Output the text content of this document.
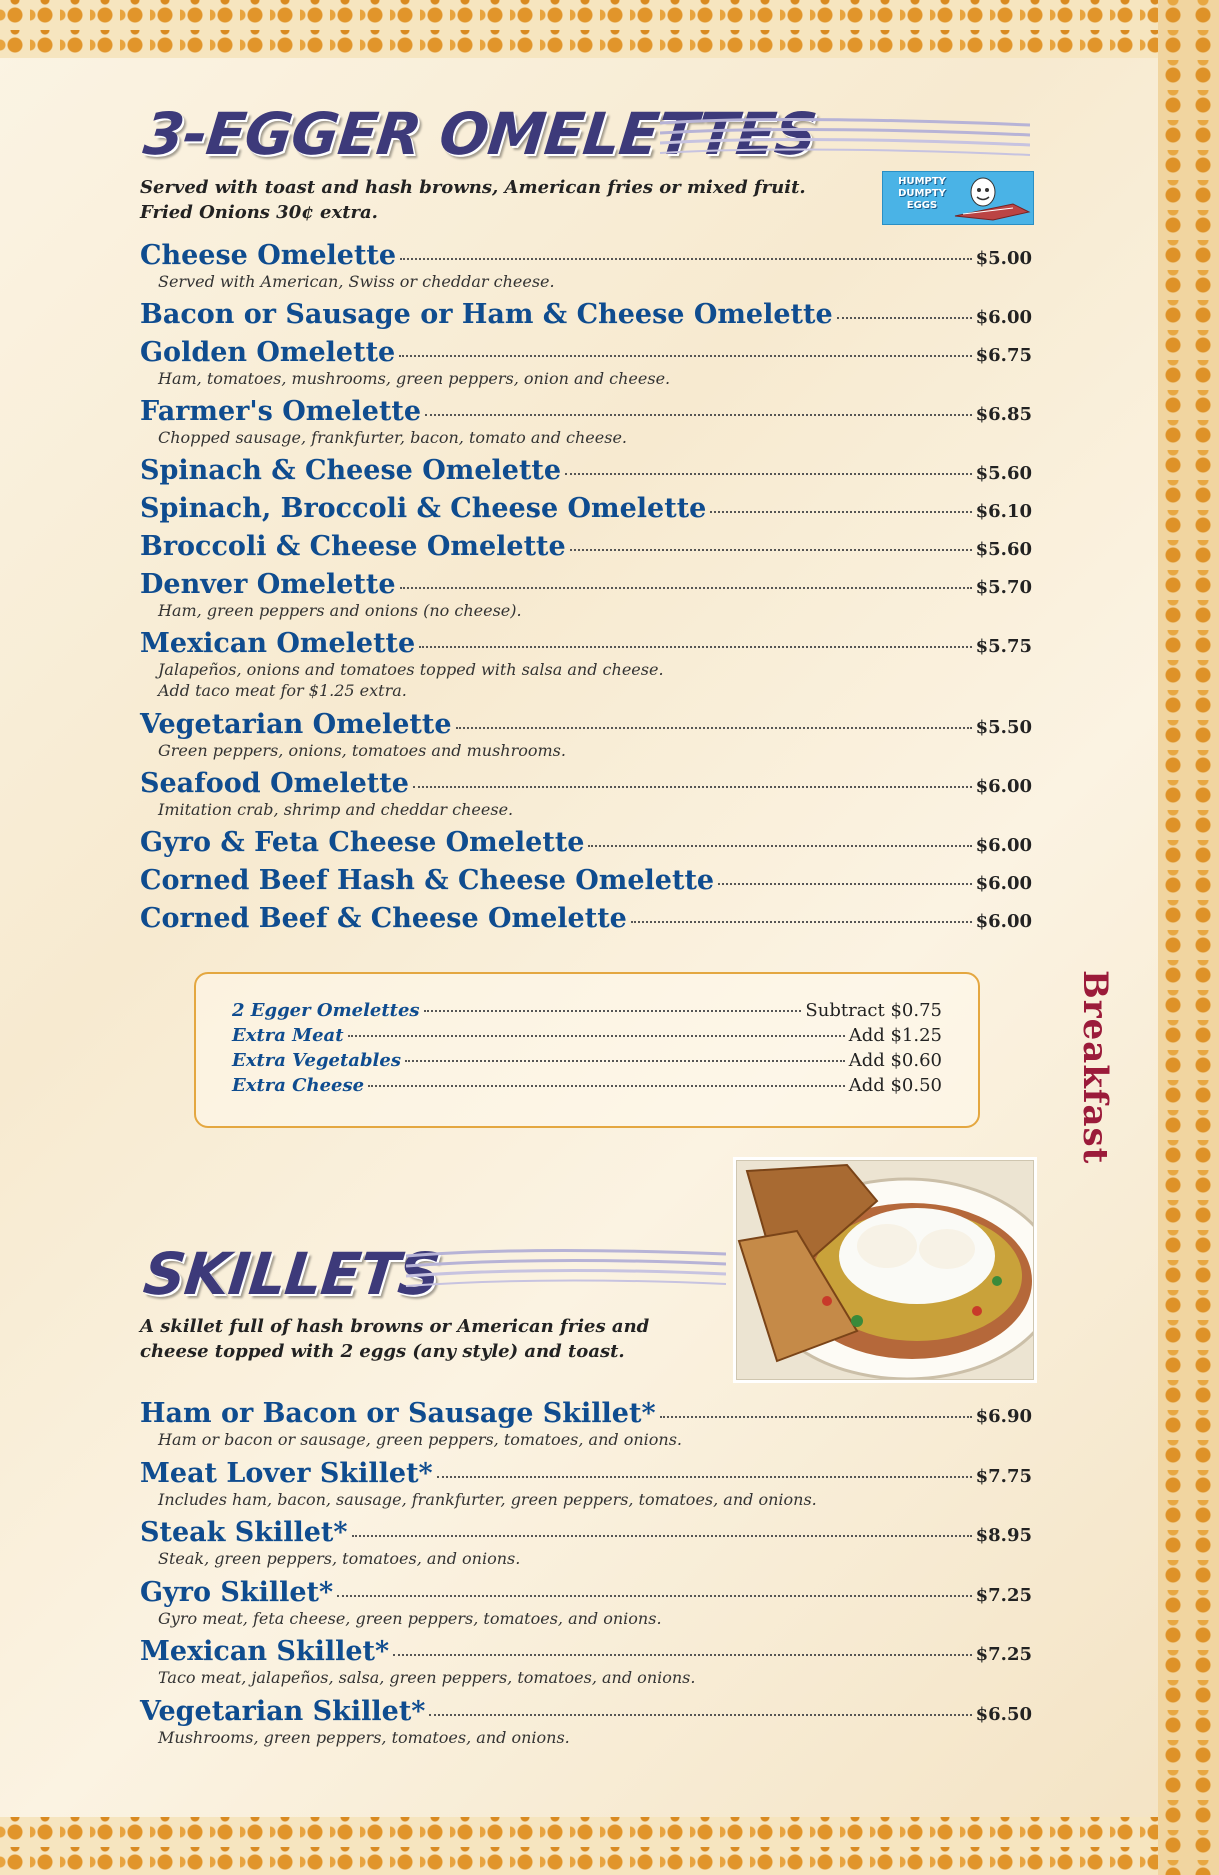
Breakfast
3-EGGER OMELETTES
Served with toast and hash browns, American fries or mixed fruit.
Fried Onions 30¢ extra.
HUMPTY DUMPTY EGGS
Cheese Omelette	$5.00
Served with American, Swiss or cheddar cheese.
Bacon or Sausage or Ham & Cheese Omelette	$6.00
Golden Omelette	$6.75
Ham, tomatoes, mushrooms, green peppers, onion and cheese.
Farmer's Omelette	$6.85
Chopped sausage, frankfurter, bacon, tomato and cheese.
Spinach & Cheese Omelette	$5.60
Spinach, Broccoli & Cheese Omelette	$6.10
Broccoli & Cheese Omelette	$5.60
Denver Omelette	$5.70
Ham, green peppers and onions (no cheese).
Mexican Omelette	$5.75
Jalapeños, onions and tomatoes topped with salsa and cheese.
Add taco meat for $1.25 extra.
Vegetarian Omelette	$5.50
Green peppers, onions, tomatoes and mushrooms.
Seafood Omelette	$6.00
Imitation crab, shrimp and cheddar cheese.
Gyro & Feta Cheese Omelette	$6.00
Corned Beef Hash & Cheese Omelette	$6.00
Corned Beef & Cheese Omelette	$6.00
2 Egger Omelettes	Subtract $0.75
Extra Meat	Add $1.25
Extra Vegetables	Add $0.60
Extra Cheese	Add $0.50
SKILLETS
A skillet full of hash browns or American fries and
cheese topped with 2 eggs (any style) and toast.
Ham or Bacon or Sausage Skillet*	$6.90
Ham or bacon or sausage, green peppers, tomatoes, and onions.
Meat Lover Skillet*	$7.75
Includes ham, bacon, sausage, frankfurter, green peppers, tomatoes, and onions.
Steak Skillet*	$8.95
Steak, green peppers, tomatoes, and onions.
Gyro Skillet*	$7.25
Gyro meat, feta cheese, green peppers, tomatoes, and onions.
Mexican Skillet*	$7.25
Taco meat, jalapeños, salsa, green peppers, tomatoes, and onions.
Vegetarian Skillet*	$6.50
Mushrooms, green peppers, tomatoes, and onions.
